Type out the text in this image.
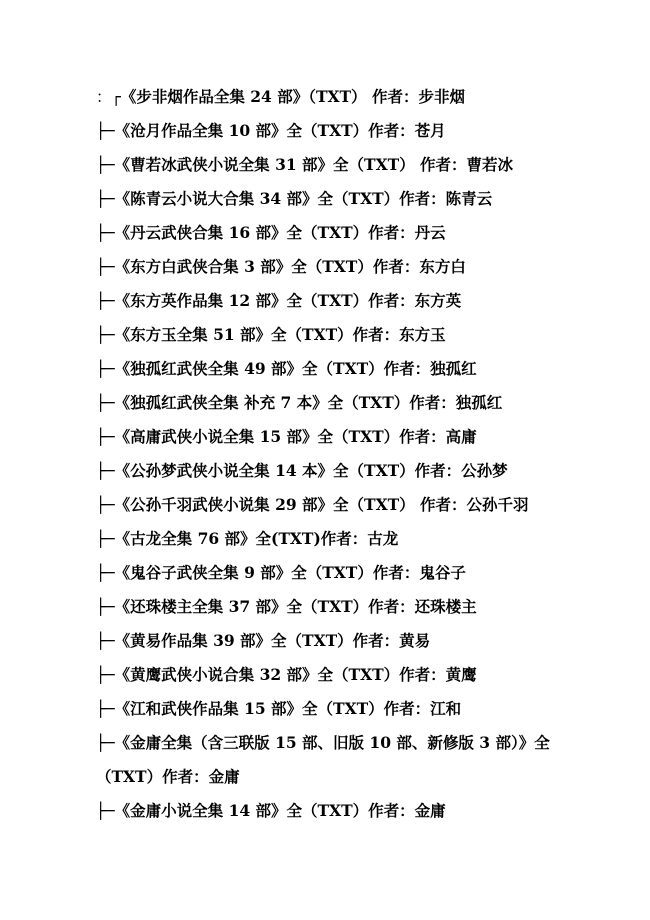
：┌《步非烟作品全集 24 部》（TXT） 作者：步非烟
├─《沧月作品全集 10 部》全（TXT）作者：苍月
├─《曹若冰武侠小说全集 31 部》全（TXT） 作者：曹若冰
├─《陈青云小说大合集 34 部》全（TXT）作者：陈青云
├─《丹云武侠合集 16 部》全（TXT）作者：丹云
├─《东方白武侠合集 3 部》全（TXT）作者：东方白
├─《东方英作品集 12 部》全（TXT）作者：东方英
├─《东方玉全集 51 部》全（TXT）作者：东方玉
├─《独孤红武侠全集 49 部》全（TXT）作者：独孤红
├─《独孤红武侠全集 补充 7 本》全（TXT）作者：独孤红
├─《高庸武侠小说全集 15 部》全（TXT）作者：高庸
├─《公孙梦武侠小说全集 14 本》全（TXT）作者：公孙梦
├─《公孙千羽武侠小说集 29 部》全（TXT） 作者：公孙千羽
├─《古龙全集 76 部》全(TXT)作者：古龙
├─《鬼谷子武侠全集 9 部》全（TXT）作者：鬼谷子
├─《还珠楼主全集 37 部》全（TXT）作者：还珠楼主
├─《黄易作品集 39 部》全（TXT）作者：黄易
├─《黄鹰武侠小说合集 32 部》全（TXT）作者：黄鹰
├─《江和武侠作品集 15 部》全（TXT）作者：江和
├─《金庸全集（含三联版 15 部、旧版 10 部、新修版 3 部）》全
（TXT）作者：金庸
├─《金庸小说全集 14 部》全（TXT）作者：金庸
